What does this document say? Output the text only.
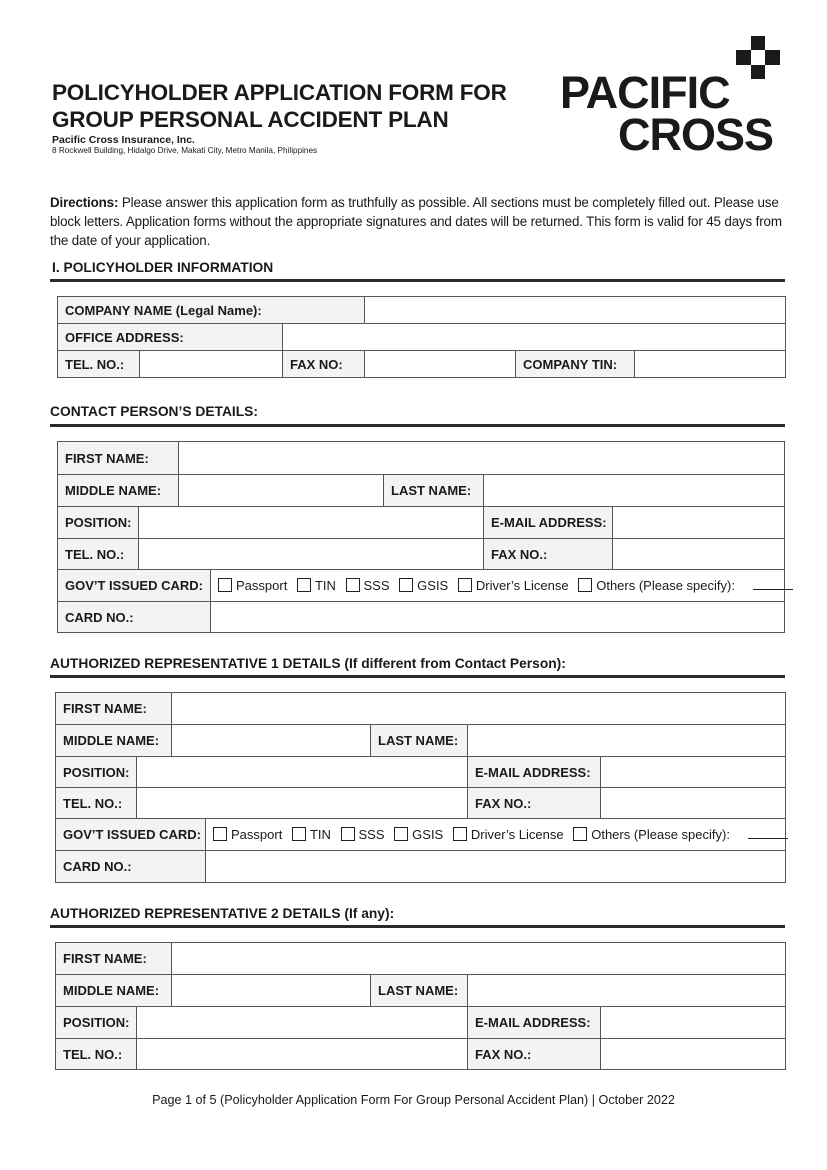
POLICYHOLDER APPLICATION FORM FOR
GROUP PERSONAL ACCIDENT PLAN
Pacific Cross Insurance, Inc.
8 Rockwell Building, Hidalgo Drive, Makati City, Metro Manila, Philippines
PACIFIC
CROSS
Directions: Please answer this application form as truthfully as possible. All sections must be completely filled out. Please use block letters. Application forms without the appropriate signatures and dates will be returned. This form is valid for 45 days from the date of your application.
I. POLICYHOLDER INFORMATION
COMPANY NAME (Legal Name):					
OFFICE ADDRESS:					
TEL. NO.:		FAX NO:		COMPANY TIN:	
CONTACT PERSON’S DETAILS:
FIRST NAME:						
MIDDLE NAME:				LAST NAME:		
POSITION:					E-MAIL ADDRESS:	
TEL. NO.:					FAX NO.:	
GOV’T ISSUED CARD:			Passport TIN SSS GSIS Driver’s License Others (Please specify):			
CARD NO.:						
AUTHORIZED REPRESENTATIVE 1 DETAILS (If different from Contact Person):
FIRST NAME:						
MIDDLE NAME:				LAST NAME:		
POSITION:					E-MAIL ADDRESS:	
TEL. NO.:					FAX NO.:	
GOV’T ISSUED CARD:			Passport TIN SSS GSIS Driver’s License Others (Please specify):			
CARD NO.:						
AUTHORIZED REPRESENTATIVE 2 DETAILS (If any):
FIRST NAME:					
MIDDLE NAME:			LAST NAME:		
POSITION:				E-MAIL ADDRESS:	
TEL. NO.:				FAX NO.:	
Page 1 of 5 (Policyholder Application Form For Group Personal Accident Plan) | October 2022
